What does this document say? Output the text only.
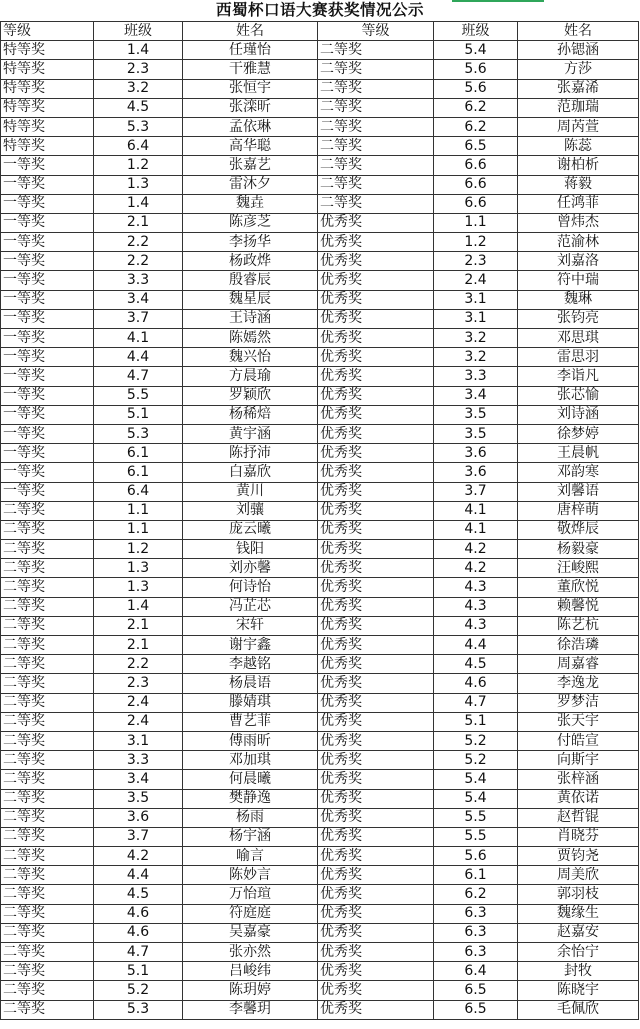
西蜀杯口语大赛获奖情况公示
等级	班级	姓名	等级	班级	姓名
特等奖	1.4	任瑾怡	二等奖	5.4	孙锶涵
特等奖	2.3	干雅慧	二等奖	5.6	方莎
特等奖	3.2	张恒宇	二等奖	5.6	张嘉浠
特等奖	4.5	张滦昕	二等奖	6.2	范珈瑞
特等奖	5.3	孟依琳	二等奖	6.2	周芮萱
特等奖	6.4	高华聪	二等奖	6.5	陈蕊
一等奖	1.2	张嘉艺	二等奖	6.6	谢柏析
一等奖	1.3	雷沐夕	二等奖	6.6	蒋毅
一等奖	1.4	魏垚	二等奖	6.6	任鸿菲
一等奖	2.1	陈彦芝	优秀奖	1.1	曾炜杰
一等奖	2.2	李扬华	优秀奖	1.2	范渝林
一等奖	2.2	杨政烨	优秀奖	2.3	刘嘉洛
一等奖	3.3	殷睿辰	优秀奖	2.4	符中瑞
一等奖	3.4	魏星辰	优秀奖	3.1	魏琳
一等奖	3.7	王诗涵	优秀奖	3.1	张钧亮
一等奖	4.1	陈嫣然	优秀奖	3.2	邓思琪
一等奖	4.4	魏兴怡	优秀奖	3.2	雷思羽
一等奖	4.7	方晨瑜	优秀奖	3.3	李诣凡
一等奖	5.5	罗颖欣	优秀奖	3.4	张芯愉
一等奖	5.1	杨稀焙	优秀奖	3.5	刘诗涵
一等奖	5.3	黄宇涵	优秀奖	3.5	徐梦婷
一等奖	6.1	陈抒沛	优秀奖	3.6	王晨帆
一等奖	6.1	白嘉欣	优秀奖	3.6	邓韵寒
一等奖	6.4	黄川	优秀奖	3.7	刘馨语
二等奖	1.1	刘骧	优秀奖	4.1	唐梓萌
二等奖	1.1	庞云曦	优秀奖	4.1	敬烨辰
二等奖	1.2	钱阳	优秀奖	4.2	杨毅豪
二等奖	1.3	刘亦馨	优秀奖	4.2	汪峻熙
二等奖	1.3	何诗怡	优秀奖	4.3	董欣悦
二等奖	1.4	冯芷芯	优秀奖	4.3	赖馨悦
二等奖	2.1	宋轩	优秀奖	4.3	陈艺杭
二等奖	2.1	谢宇鑫	优秀奖	4.4	徐浩璘
二等奖	2.2	李越铭	优秀奖	4.5	周嘉睿
二等奖	2.3	杨晨语	优秀奖	4.6	李逸龙
二等奖	2.4	滕婧琪	优秀奖	4.7	罗梦洁
二等奖	2.4	曹艺菲	优秀奖	5.1	张天宇
二等奖	3.1	傅雨昕	优秀奖	5.2	付皓宣
二等奖	3.3	邓加琪	优秀奖	5.2	向斯宇
二等奖	3.4	何晨曦	优秀奖	5.4	张梓涵
二等奖	3.5	樊静逸	优秀奖	5.4	黄依诺
二等奖	3.6	杨雨	优秀奖	5.5	赵哲锟
二等奖	3.7	杨宇涵	优秀奖	5.5	肖晓芬
二等奖	4.2	喻言	优秀奖	5.6	贾钧尧
二等奖	4.4	陈妙言	优秀奖	6.1	周美欣
二等奖	4.5	万怡瑄	优秀奖	6.2	郭羽枝
二等奖	4.6	符庭庭	优秀奖	6.3	魏缘生
二等奖	4.6	吴嘉豪	优秀奖	6.3	赵嘉安
二等奖	4.7	张亦然	优秀奖	6.3	余怡宁
二等奖	5.1	吕峻纬	优秀奖	6.4	封牧
二等奖	5.2	陈玥婷	优秀奖	6.5	陈晓宇
二等奖	5.3	李馨玥	优秀奖	6.5	毛佩欣
